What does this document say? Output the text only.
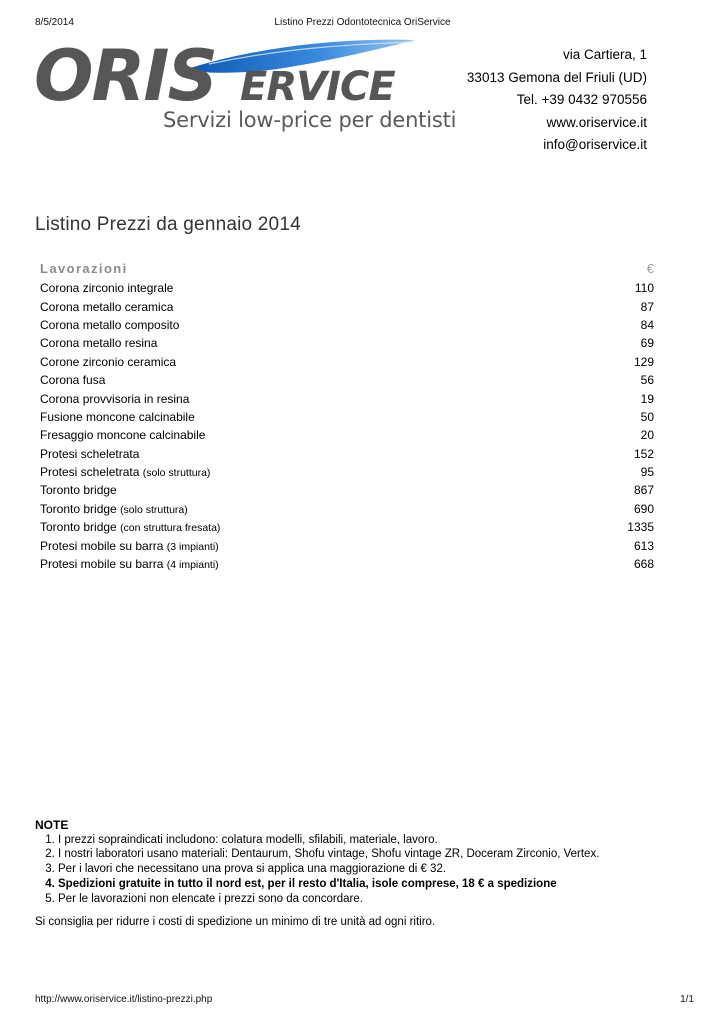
8/5/2014	Listino Prezzi Odontotecnica OriService
ORIS ERVICE
Servizi low-price per dentisti
via Cartiera, 1
33013 Gemona del Friuli (UD)
Tel. +39 0432 970556
www.oriservice.it
info@oriservice.it
Listino Prezzi da gennaio 2014
Lavorazioni	€
Corona zirconio integrale	110
Corona metallo ceramica	87
Corona metallo composito	84
Corona metallo resina	69
Corone zirconio ceramica	129
Corona fusa	56
Corona provvisoria in resina	19
Fusione moncone calcinabile	50
Fresaggio moncone calcinabile	20
Protesi scheletrata	152
Protesi scheletrata (solo struttura)	95
Toronto bridge	867
Toronto bridge (solo struttura)	690
Toronto bridge (con struttura fresata)	1335
Protesi mobile su barra (3 impianti)	613
Protesi mobile su barra (4 impianti)	668
NOTE
1. I prezzi sopraindicati includono: colatura modelli, sfilabili, materiale, lavoro.
2. I nostri laboratori usano materiali: Dentaurum, Shofu vintage, Shofu vintage ZR, Doceram Zirconio, Vertex.
3. Per i lavori che necessitano una prova si applica una maggiorazione di € 32.
4. Spedizioni gratuite in tutto il nord est, per il resto d'Italia, isole comprese, 18 € a spedizione
5. Per le lavorazioni non elencate i prezzi sono da concordare.
Si consiglia per ridurre i costi di spedizione un minimo di tre unità ad ogni ritiro.
http://www.oriservice.it/listino-prezzi.php	1/1
